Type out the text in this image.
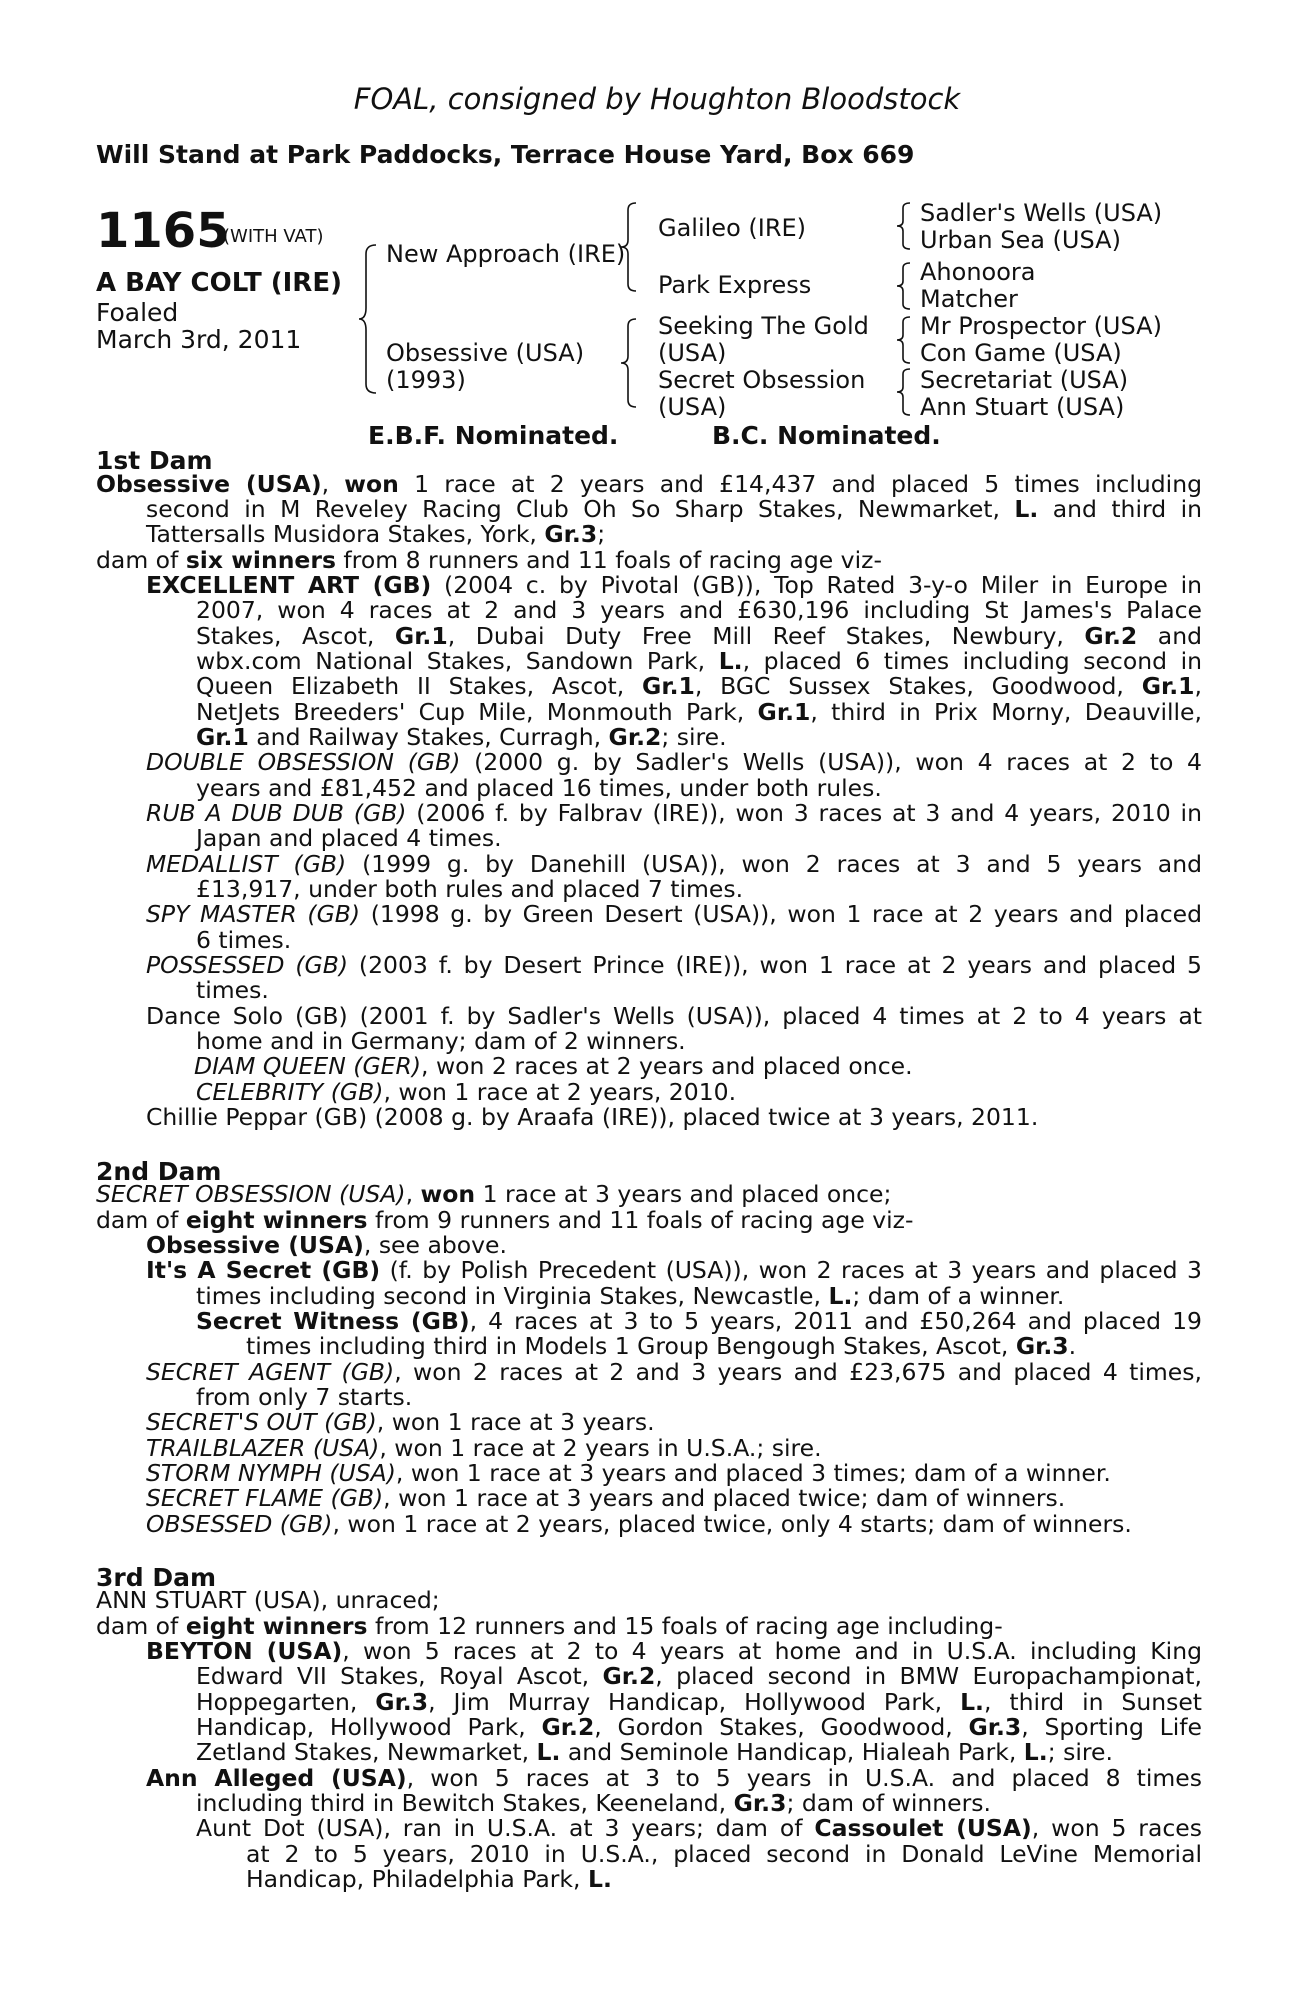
FOAL, consigned by Houghton Bloodstock
Will Stand at Park Paddocks, Terrace House Yard, Box 669
1165
(WITH VAT)
A BAY COLT (IRE)
Foaled
March 3rd, 2011
New Approach (IRE)
Obsessive (USA)
(1993)
Galileo (IRE)
Park Express
Seeking The Gold
(USA)
Secret Obsession
(USA)
Sadler's Wells (USA)
Urban Sea (USA)
Ahonoora
Matcher
Mr Prospector (USA)
Con Game (USA)
Secretariat (USA)
Ann Stuart (USA)
E.B.F. Nominated.	B.C. Nominated.
1st Dam
Obsessive (USA), won 1 race at 2 years and £14,437 and placed 5 times including
second in M Reveley Racing Club Oh So Sharp Stakes, Newmarket, L. and third in
Tattersalls Musidora Stakes, York, Gr.3;
dam of six winners from 8 runners and 11 foals of racing age viz-
EXCELLENT ART (GB) (2004 c. by Pivotal (GB)), Top Rated 3-y-o Miler in Europe in
2007, won 4 races at 2 and 3 years and £630,196 including St James's Palace
Stakes, Ascot, Gr.1, Dubai Duty Free Mill Reef Stakes, Newbury, Gr.2 and
wbx.com National Stakes, Sandown Park, L., placed 6 times including second in
Queen Elizabeth II Stakes, Ascot, Gr.1, BGC Sussex Stakes, Goodwood, Gr.1,
NetJets Breeders' Cup Mile, Monmouth Park, Gr.1, third in Prix Morny, Deauville,
Gr.1 and Railway Stakes, Curragh, Gr.2; sire.
DOUBLE OBSESSION (GB) (2000 g. by Sadler's Wells (USA)), won 4 races at 2 to 4
years and £81,452 and placed 16 times, under both rules.
RUB A DUB DUB (GB) (2006 f. by Falbrav (IRE)), won 3 races at 3 and 4 years, 2010 in
Japan and placed 4 times.
MEDALLIST (GB) (1999 g. by Danehill (USA)), won 2 races at 3 and 5 years and
£13,917, under both rules and placed 7 times.
SPY MASTER (GB) (1998 g. by Green Desert (USA)), won 1 race at 2 years and placed
6 times.
POSSESSED (GB) (2003 f. by Desert Prince (IRE)), won 1 race at 2 years and placed 5
times.
Dance Solo (GB) (2001 f. by Sadler's Wells (USA)), placed 4 times at 2 to 4 years at
home and in Germany; dam of 2 winners.
DIAM QUEEN (GER), won 2 races at 2 years and placed once.
CELEBRITY (GB), won 1 race at 2 years, 2010.
Chillie Peppar (GB) (2008 g. by Araafa (IRE)), placed twice at 3 years, 2011.
2nd Dam
SECRET OBSESSION (USA), won 1 race at 3 years and placed once;
dam of eight winners from 9 runners and 11 foals of racing age viz-
Obsessive (USA), see above.
It's A Secret (GB) (f. by Polish Precedent (USA)), won 2 races at 3 years and placed 3
times including second in Virginia Stakes, Newcastle, L.; dam of a winner.
Secret Witness (GB), 4 races at 3 to 5 years, 2011 and £50,264 and placed 19
times including third in Models 1 Group Bengough Stakes, Ascot, Gr.3.
SECRET AGENT (GB), won 2 races at 2 and 3 years and £23,675 and placed 4 times,
from only 7 starts.
SECRET'S OUT (GB), won 1 race at 3 years.
TRAILBLAZER (USA), won 1 race at 2 years in U.S.A.; sire.
STORM NYMPH (USA), won 1 race at 3 years and placed 3 times; dam of a winner.
SECRET FLAME (GB), won 1 race at 3 years and placed twice; dam of winners.
OBSESSED (GB), won 1 race at 2 years, placed twice, only 4 starts; dam of winners.
3rd Dam
ANN STUART (USA), unraced;
dam of eight winners from 12 runners and 15 foals of racing age including-
BEYTON (USA), won 5 races at 2 to 4 years at home and in U.S.A. including King
Edward VII Stakes, Royal Ascot, Gr.2, placed second in BMW Europachampionat,
Hoppegarten, Gr.3, Jim Murray Handicap, Hollywood Park, L., third in Sunset
Handicap, Hollywood Park, Gr.2, Gordon Stakes, Goodwood, Gr.3, Sporting Life
Zetland Stakes, Newmarket, L. and Seminole Handicap, Hialeah Park, L.; sire.
Ann Alleged (USA), won 5 races at 3 to 5 years in U.S.A. and placed 8 times
including third in Bewitch Stakes, Keeneland, Gr.3; dam of winners.
Aunt Dot (USA), ran in U.S.A. at 3 years; dam of Cassoulet (USA), won 5 races
at 2 to 5 years, 2010 in U.S.A., placed second in Donald LeVine Memorial
Handicap, Philadelphia Park, L.
